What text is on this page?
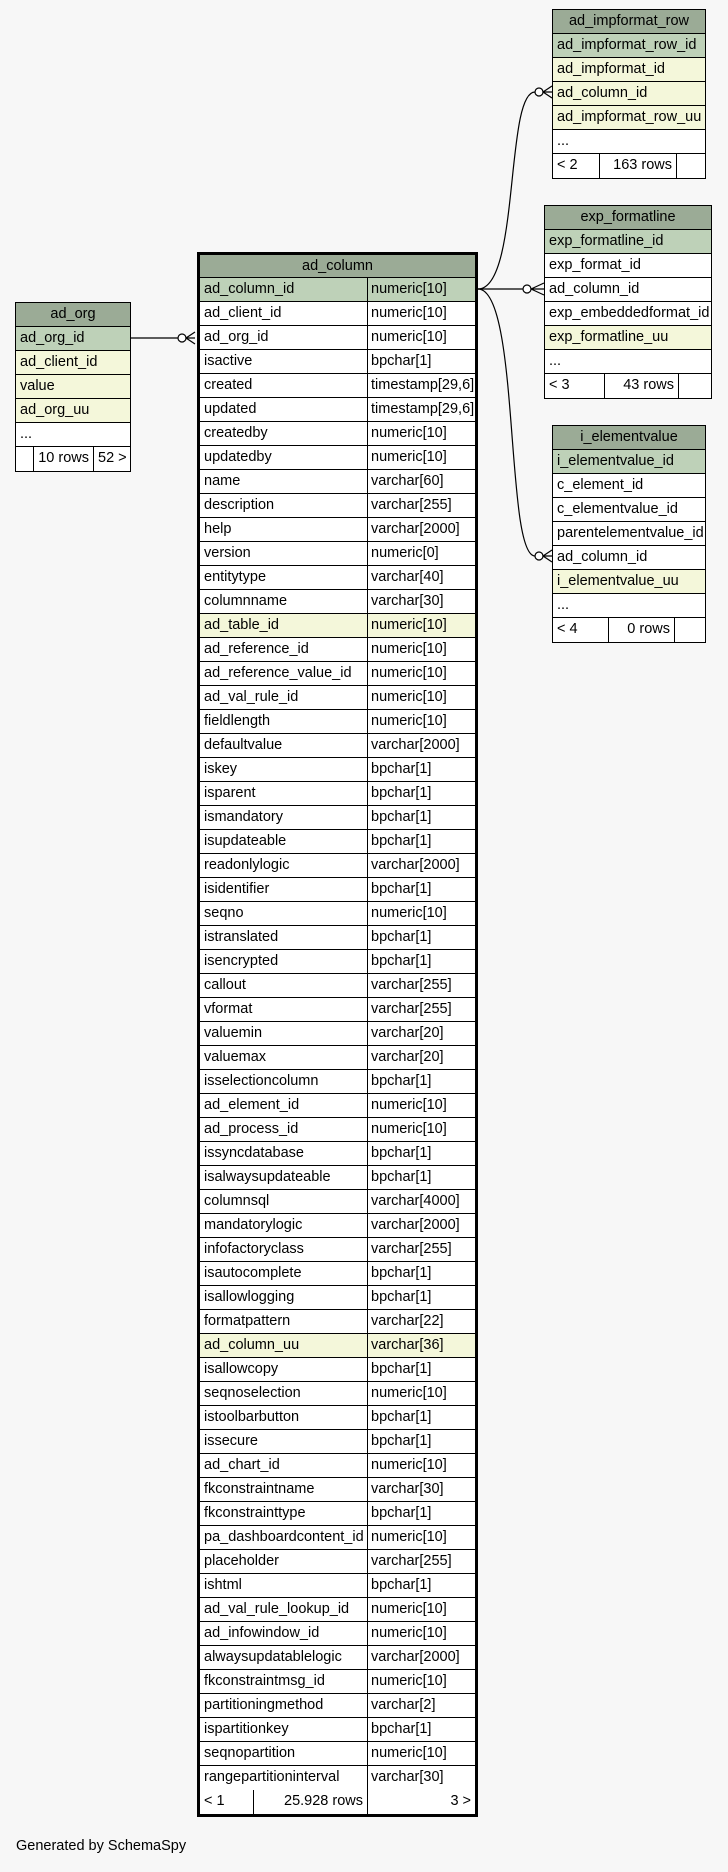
ad_org
ad_org_id
ad_client_id
value
ad_org_uu
...
10 rows 52 >
ad_column
ad_column_id	numeric[10]
ad_client_id	numeric[10]
ad_org_id	numeric[10]
isactive	bpchar[1]
created	timestamp[29,6]
updated	timestamp[29,6]
createdby	numeric[10]
updatedby	numeric[10]
name	varchar[60]
description	varchar[255]
help	varchar[2000]
version	numeric[0]
entitytype	varchar[40]
columnname	varchar[30]
ad_table_id	numeric[10]
ad_reference_id	numeric[10]
ad_reference_value_id	numeric[10]
ad_val_rule_id	numeric[10]
fieldlength	numeric[10]
defaultvalue	varchar[2000]
iskey	bpchar[1]
isparent	bpchar[1]
ismandatory	bpchar[1]
isupdateable	bpchar[1]
readonlylogic	varchar[2000]
isidentifier	bpchar[1]
seqno	numeric[10]
istranslated	bpchar[1]
isencrypted	bpchar[1]
callout	varchar[255]
vformat	varchar[255]
valuemin	varchar[20]
valuemax	varchar[20]
isselectioncolumn	bpchar[1]
ad_element_id	numeric[10]
ad_process_id	numeric[10]
issyncdatabase	bpchar[1]
isalwaysupdateable	bpchar[1]
columnsql	varchar[4000]
mandatorylogic	varchar[2000]
infofactoryclass	varchar[255]
isautocomplete	bpchar[1]
isallowlogging	bpchar[1]
formatpattern	varchar[22]
ad_column_uu	varchar[36]
isallowcopy	bpchar[1]
seqnoselection	numeric[10]
istoolbarbutton	bpchar[1]
issecure	bpchar[1]
ad_chart_id	numeric[10]
fkconstraintname	varchar[30]
fkconstrainttype	bpchar[1]
pa_dashboardcontent_id numeric[10]
placeholder	varchar[255]
ishtml	bpchar[1]
ad_val_rule_lookup_id	numeric[10]
ad_infowindow_id	numeric[10]
alwaysupdatablelogic	varchar[2000]
fkconstraintmsg_id	numeric[10]
partitioningmethod	varchar[2]
ispartitionkey	bpchar[1]
seqnopartition	numeric[10]
rangepartitioninterval	varchar[30]
< 1	25.928 rows	3 >
ad_impformat_row
ad_impformat_row_id
ad_impformat_id
ad_column_id
ad_impformat_row_uu
...
< 2	163 rows
exp_formatline
exp_formatline_id
exp_format_id
ad_column_id
exp_embeddedformat_id
exp_formatline_uu
...
< 3	43 rows
i_elementvalue
i_elementvalue_id
c_element_id
c_elementvalue_id
parentelementvalue_id
ad_column_id
i_elementvalue_uu
...
< 4	0 rows
Generated by SchemaSpy
